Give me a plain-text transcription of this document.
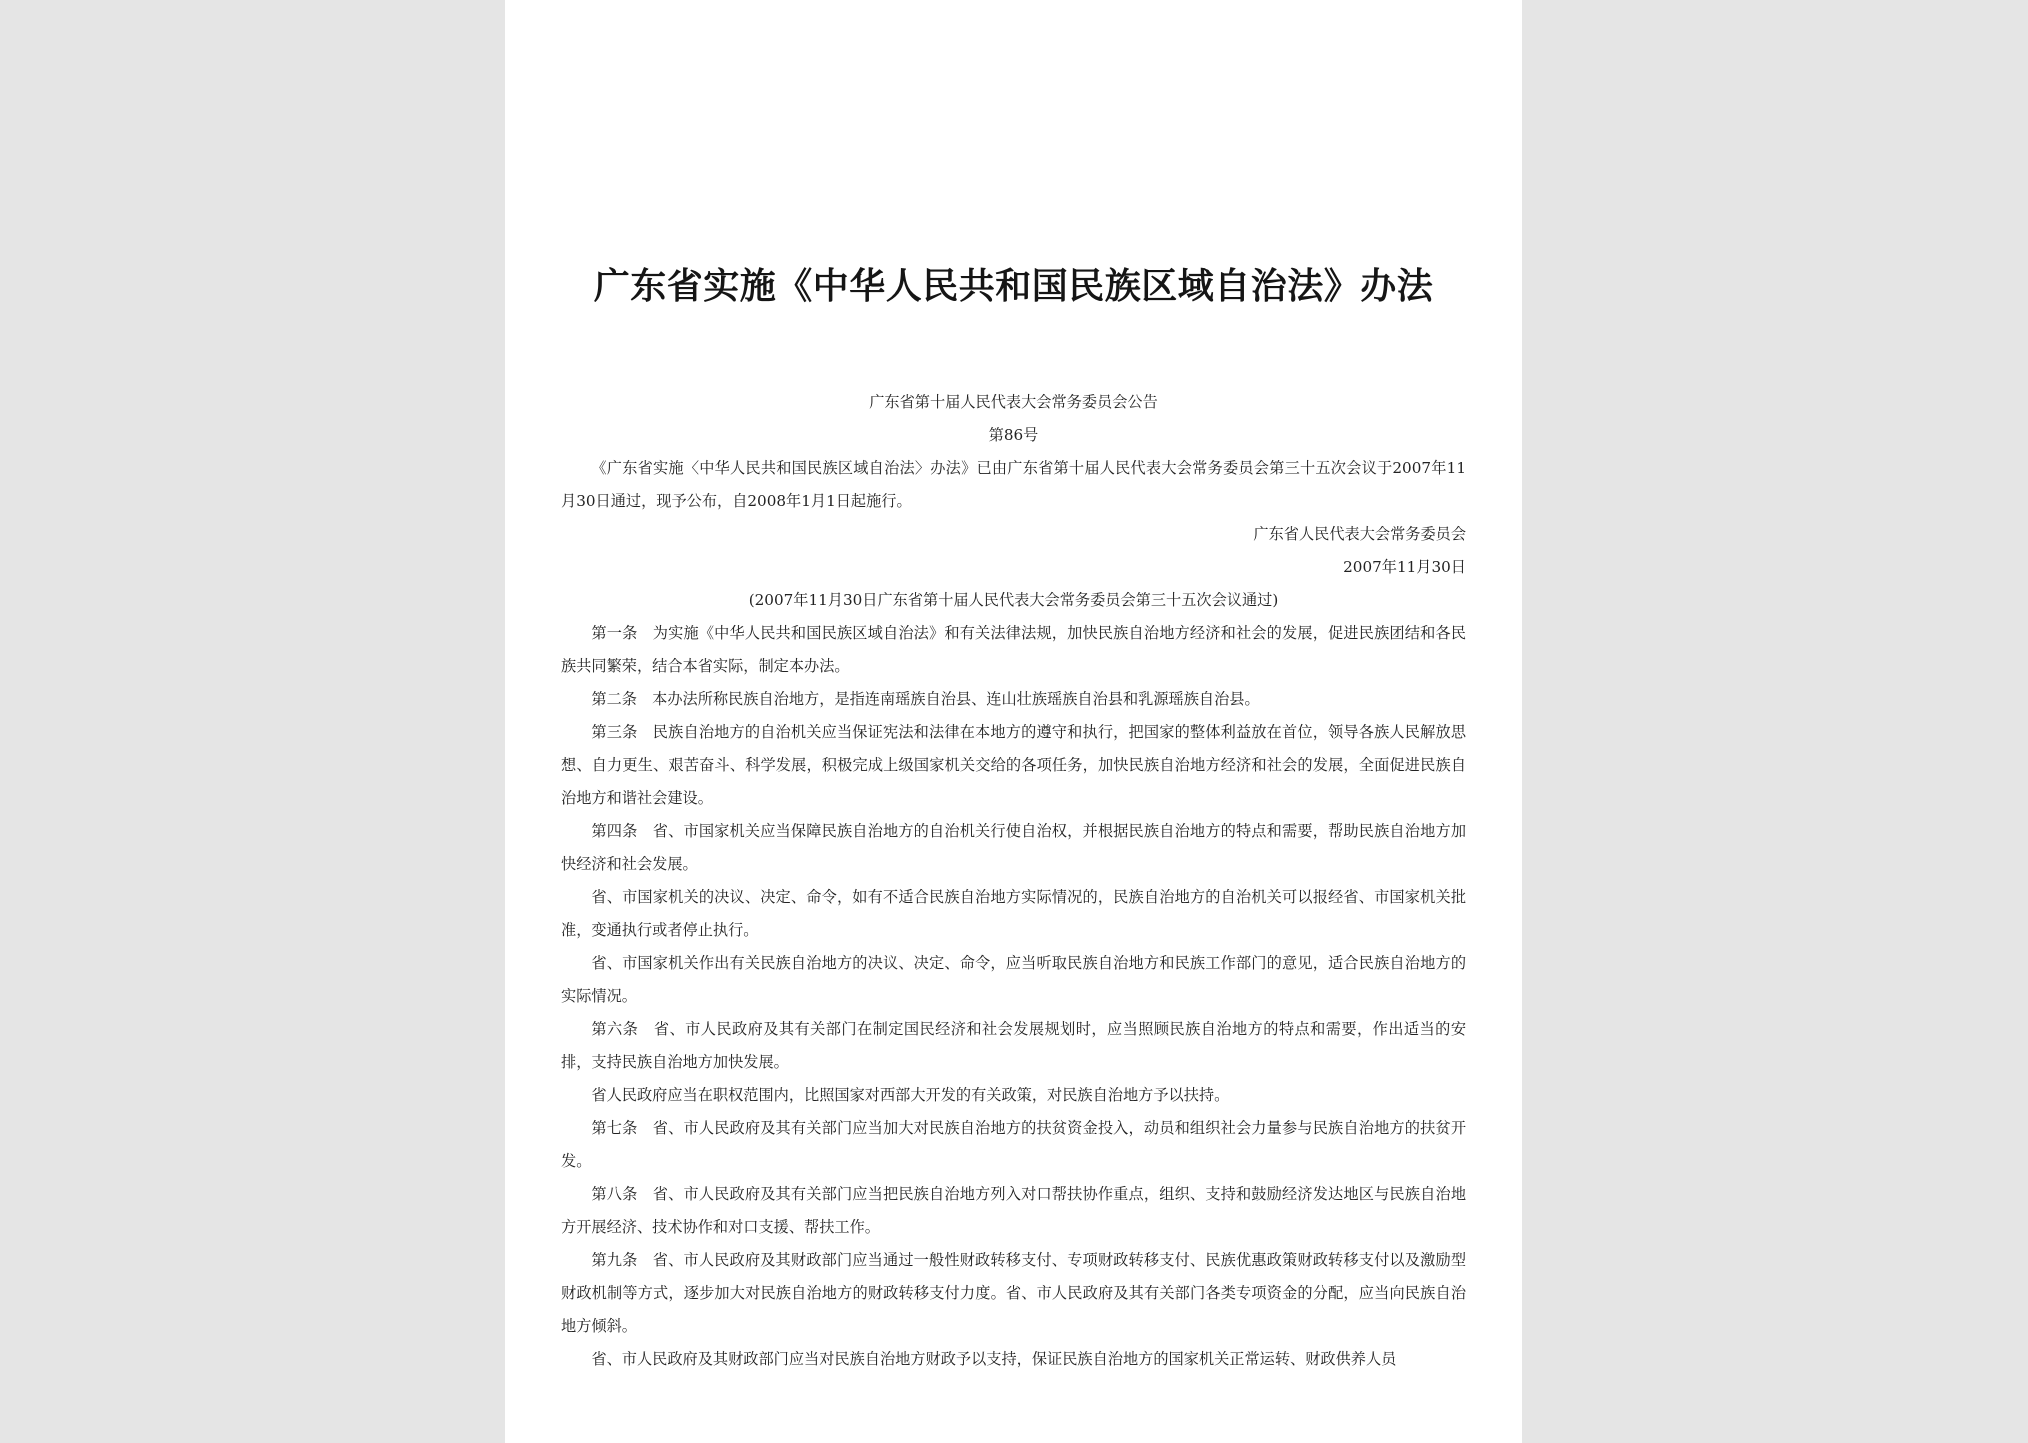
广东省实施《中华人民共和国民族区域自治法》办法

广东省第十届人民代表大会常务委员会公告

第86号

《广东省实施〈中华人民共和国民族区域自治法〉办法》已由广东省第十届人民代表大会常务委员会第三十五次会议于2007年11月30日通过，现予公布，自2008年1月1日起施行。

广东省人民代表大会常务委员会

2007年11月30日

(2007年11月30日广东省第十届人民代表大会常务委员会第三十五次会议通过)

第一条　为实施《中华人民共和国民族区域自治法》和有关法律法规，加快民族自治地方经济和社会的发展，促进民族团结和各民族共同繁荣，结合本省实际，制定本办法。

第二条　本办法所称民族自治地方，是指连南瑶族自治县、连山壮族瑶族自治县和乳源瑶族自治县。

第三条　民族自治地方的自治机关应当保证宪法和法律在本地方的遵守和执行，把国家的整体利益放在首位，领导各族人民解放思想、自力更生、艰苦奋斗、科学发展，积极完成上级国家机关交给的各项任务，加快民族自治地方经济和社会的发展，全面促进民族自治地方和谐社会建设。

第四条　省、市国家机关应当保障民族自治地方的自治机关行使自治权，并根据民族自治地方的特点和需要，帮助民族自治地方加快经济和社会发展。

省、市国家机关的决议、决定、命令，如有不适合民族自治地方实际情况的，民族自治地方的自治机关可以报经省、市国家机关批准，变通执行或者停止执行。

省、市国家机关作出有关民族自治地方的决议、决定、命令，应当听取民族自治地方和民族工作部门的意见，适合民族自治地方的实际情况。

第六条　省、市人民政府及其有关部门在制定国民经济和社会发展规划时，应当照顾民族自治地方的特点和需要，作出适当的安排，支持民族自治地方加快发展。

省人民政府应当在职权范围内，比照国家对西部大开发的有关政策，对民族自治地方予以扶持。

第七条　省、市人民政府及其有关部门应当加大对民族自治地方的扶贫资金投入，动员和组织社会力量参与民族自治地方的扶贫开发。

第八条　省、市人民政府及其有关部门应当把民族自治地方列入对口帮扶协作重点，组织、支持和鼓励经济发达地区与民族自治地方开展经济、技术协作和对口支援、帮扶工作。

第九条　省、市人民政府及其财政部门应当通过一般性财政转移支付、专项财政转移支付、民族优惠政策财政转移支付以及激励型财政机制等方式，逐步加大对民族自治地方的财政转移支付力度。省、市人民政府及其有关部门各类专项资金的分配，应当向民族自治地方倾斜。

省、市人民政府及其财政部门应当对民族自治地方财政予以支持，保证民族自治地方的国家机关正常运转、财政供养人员
